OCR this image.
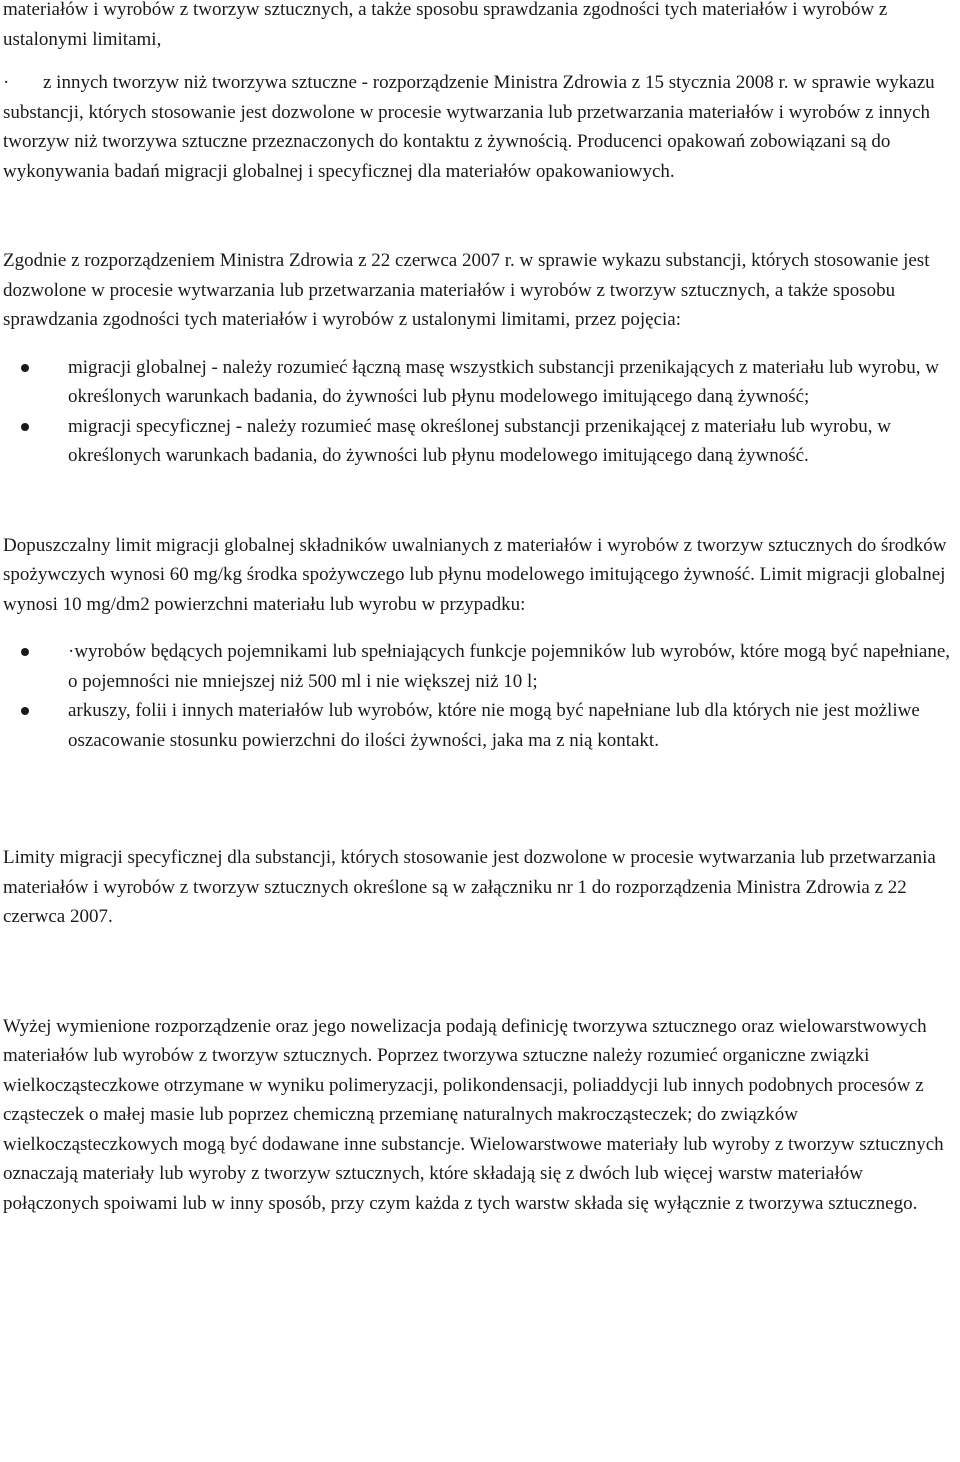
materiałów i wyrobów z tworzyw sztucznych, a także sposobu sprawdzania zgodności tych materiałów i wyrobów z ustalonymi limitami,

· z innych tworzyw niż tworzywa sztuczne - rozporządzenie Ministra Zdrowia z 15 stycznia 2008 r. w sprawie wykazu substancji, których stosowanie jest dozwolone w procesie wytwarzania lub przetwarzania materiałów i wyrobów z innych tworzyw niż tworzywa sztuczne przeznaczonych do kontaktu z żywnością. Producenci opakowań zobowiązani są do wykonywania badań migracji globalnej i specyficznej dla materiałów opakowaniowych.

Zgodnie z rozporządzeniem Ministra Zdrowia z 22 czerwca 2007 r. w sprawie wykazu substancji, których stosowanie jest dozwolone w procesie wytwarzania lub przetwarzania materiałów i wyrobów z tworzyw sztucznych, a także sposobu sprawdzania zgodności tych materiałów i wyrobów z ustalonymi limitami, przez pojęcia:

migracji globalnej - należy rozumieć łączną masę wszystkich substancji przenikających z materiału lub wyrobu, w określonych warunkach badania, do żywności lub płynu modelowego imitującego daną żywność;
migracji specyficznej - należy rozumieć masę określonej substancji przenikającej z materiału lub wyrobu, w określonych warunkach badania, do żywności lub płynu modelowego imitującego daną żywność.

Dopuszczalny limit migracji globalnej składników uwalnianych z materiałów i wyrobów z tworzyw sztucznych do środków spożywczych wynosi 60 mg/kg środka spożywczego lub płynu modelowego imitującego żywność. Limit migracji globalnej wynosi 10 mg/dm2 powierzchni materiału lub wyrobu w przypadku:

·wyrobów będących pojemnikami lub spełniających funkcje pojemników lub wyrobów, które mogą być napełniane, o pojemności nie mniejszej niż 500 ml i nie większej niż 10 l;
arkuszy, folii i innych materiałów lub wyrobów, które nie mogą być napełniane lub dla których nie jest możliwe oszacowanie stosunku powierzchni do ilości żywności, jaka ma z nią kontakt.

Limity migracji specyficznej dla substancji, których stosowanie jest dozwolone w procesie wytwarzania lub przetwarzania materiałów i wyrobów z tworzyw sztucznych określone są w załączniku nr 1 do rozporządzenia Ministra Zdrowia z 22 czerwca 2007.

Wyżej wymienione rozporządzenie oraz jego nowelizacja podają definicję tworzywa sztucznego oraz wielowarstwowych materiałów lub wyrobów z tworzyw sztucznych. Poprzez tworzywa sztuczne należy rozumieć organiczne związki wielkocząsteczkowe otrzymane w wyniku polimeryzacji, polikondensacji, poliaddycji lub innych podobnych procesów z cząsteczek o małej masie lub poprzez chemiczną przemianę naturalnych makrocząsteczek; do związków wielkocząsteczkowych mogą być dodawane inne substancje. Wielowarstwowe materiały lub wyroby z tworzyw sztucznych oznaczają materiały lub wyroby z tworzyw sztucznych, które składają się z dwóch lub więcej warstw materiałów połączonych spoiwami lub w inny sposób, przy czym każda z tych warstw składa się wyłącznie z tworzywa sztucznego.
